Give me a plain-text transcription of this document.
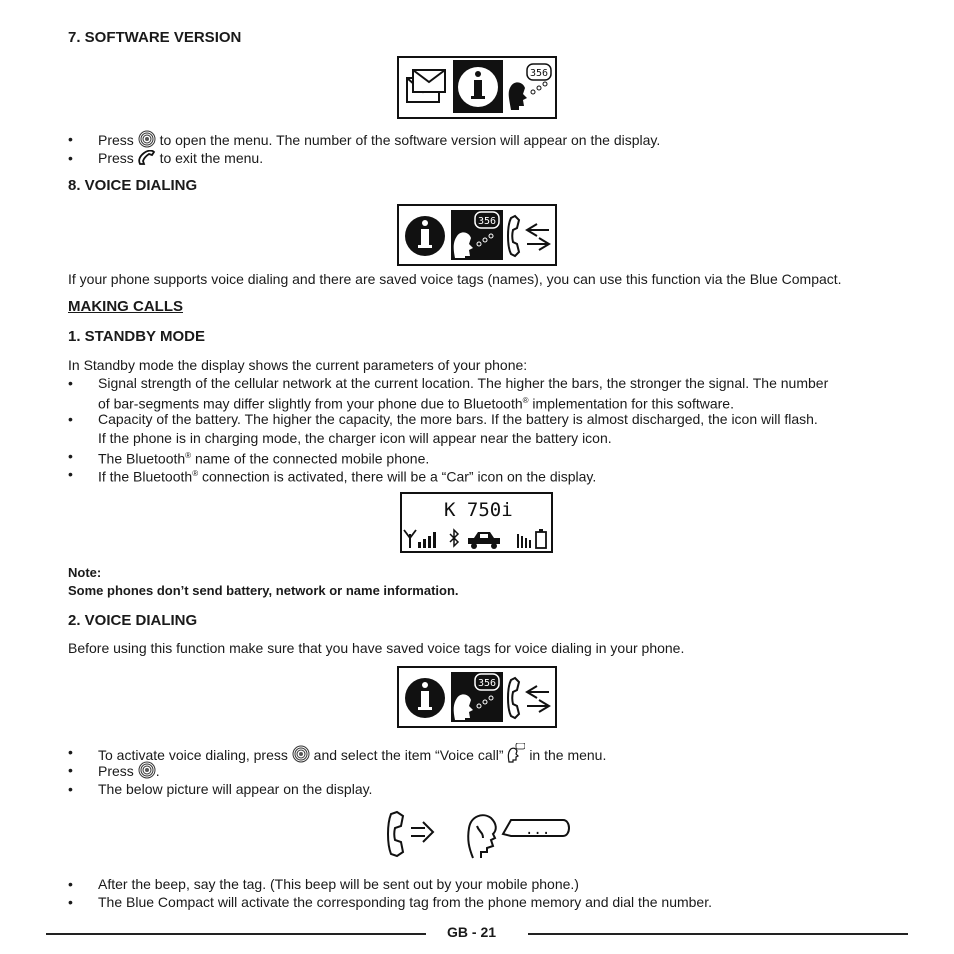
7. SOFTWARE VERSION
356
• Press to open the menu. The number of the software version will appear on the display.
• Press to exit the menu.
8. VOICE DIALING
356
If your phone supports voice dialing and there are saved voice tags (names), you can use this function via the Blue Compact.
MAKING CALLS
1. STANDBY MODE
In Standby mode the display shows the current parameters of your phone:
• Signal strength of the cellular network at the current location. The higher the bars, the stronger the signal. The number
of bar-segments may differ slightly from your phone due to Bluetooth® implementation for this software.
• Capacity of the battery. The higher the capacity, the more bars. If the battery is almost discharged, the icon will flash.
If the phone is in charging mode, the charger icon will appear near the battery icon.
• The Bluetooth® name of the connected mobile phone.
• If the Bluetooth® connection is activated, there will be a “Car” icon on the display.
K 750i
Note:
Some phones don’t send battery, network or name information.
2. VOICE DIALING
Before using this function make sure that you have saved voice tags for voice dialing in your phone.
356
• To activate voice dialing, press and select the item “Voice call” in the menu.
• Press .
• The below picture will appear on the display.
...
• After the beep, say the tag. (This beep will be sent out by your mobile phone.)
• The Blue Compact will activate the corresponding tag from the phone memory and dial the number.
GB - 21
